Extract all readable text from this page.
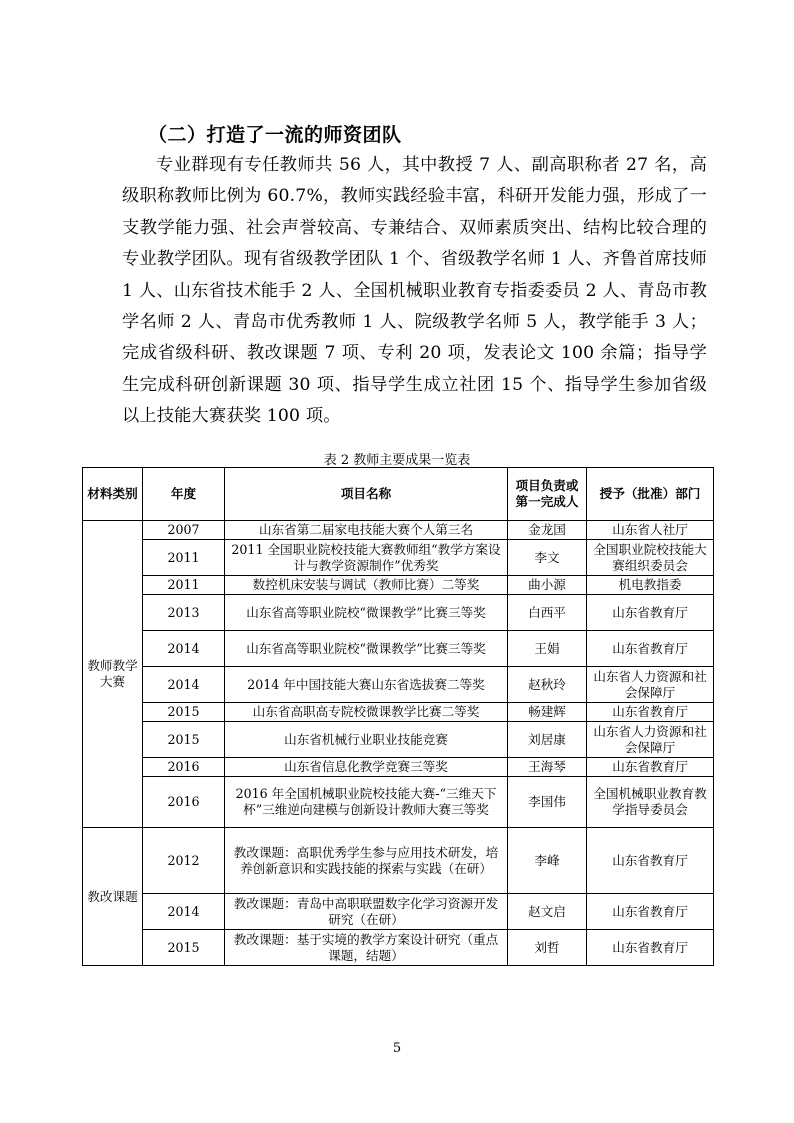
（二）打造了一流的师资团队
专业群现有专任教师共 56 人，其中教授 7 人、副高职称者 27 名，高级职称教师比例为 60.7%，教师实践经验丰富，科研开发能力强，形成了一支教学能力强、社会声誉较高、专兼结合、双师素质突出、结构比较合理的专业教学团队。现有省级教学团队 1 个、省级教学名师 1 人、齐鲁首席技师 1 人、山东省技术能手 2 人、全国机械职业教育专指委委员 2 人、青岛市教学名师 2 人、青岛市优秀教师 1 人、院级教学名师 5 人，教学能手 3 人；完成省级科研、教改课题 7 项、专利 20 项，发表论文 100 余篇；指导学生完成科研创新课题 30 项、指导学生成立社团 15 个、指导学生参加省级以上技能大赛获奖 100 项。
表 2 教师主要成果一览表
材料类别	年度	项目名称	项目负责或第一完成人	授予（批准）部门
教师教学大赛	2007	山东省第二届家电技能大赛个人第三名	金龙国	山东省人社厅
	2011	2011 全国职业院校技能大赛教师组“教学方案设计与教学资源制作”优秀奖	李文	全国职业院校技能大赛组织委员会
	2011	数控机床安装与调试（教师比赛）二等奖	曲小源	机电教指委
	2013	山东省高等职业院校“微课教学”比赛三等奖	白西平	山东省教育厅
	2014	山东省高等职业院校“微课教学”比赛三等奖	王娟	山东省教育厅
	2014	2014 年中国技能大赛山东省选拔赛二等奖	赵秋玲	山东省人力资源和社会保障厅
	2015	山东省高职高专院校微课教学比赛二等奖	畅建辉	山东省教育厅
	2015	山东省机械行业职业技能竞赛	刘居康	山东省人力资源和社会保障厅
	2016	山东省信息化教学竞赛三等奖	王海琴	山东省教育厅
	2016	2016 年全国机械职业院校技能大赛-“三维天下杯”三维逆向建模与创新设计教师大赛三等奖	李国伟	全国机械职业教育教学指导委员会
教改课题	2012	教改课题：高职优秀学生参与应用技术研发，培养创新意识和实践技能的探索与实践（在研）	李峰	山东省教育厅
	2014	教改课题：青岛中高职联盟数字化学习资源开发研究（在研）	赵文启	山东省教育厅
	2015	教改课题：基于实境的教学方案设计研究（重点课题，结题）	刘哲	山东省教育厅
5
